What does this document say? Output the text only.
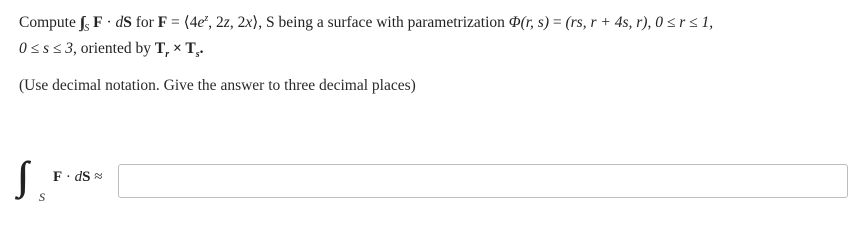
Compute ∫∫ $_S$ F · dS for $F = ⟨4e^z$, 2z, 2x⟩, S being a surface with parametrization Φ(r, s) = (rs, r + 4s, r), 0 ≤ r ≤ 1,
0 ≤ s ≤ 3, oriented by $T_r \times T_s$.
(Use decimal notation. Give the answer to three decimal places)
∫∫ S
F · dS ≈
